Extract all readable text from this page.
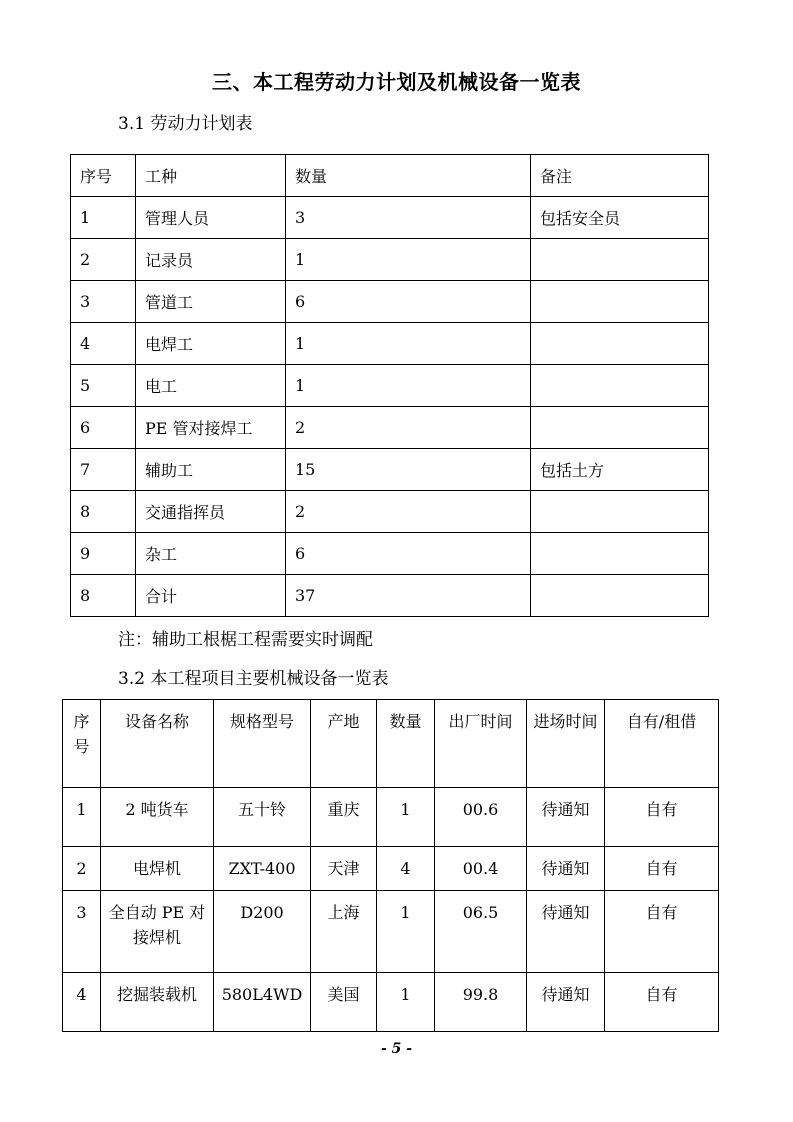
三、本工程劳动力计划及机械设备一览表
3.1 劳动力计划表
序号	工种	数量	备注
1	管理人员	3	包括安全员
2	记录员	1	
3	管道工	6	
4	电焊工	1	
5	电工	1	
6	PE 管对接焊工	2	
7	辅助工	15	包括土方
8	交通指挥员	2	
9	杂工	6	
8	合计	37	
注：辅助工根椐工程需要实时调配
3.2 本工程项目主要机械设备一览表
序号	设备名称	规格型号	产地	数量	出厂时间	进场时间	自有/租借
1	2 吨货车	五十铃	重庆	1	00.6	待通知	自有
2	电焊机	ZXT-400	天津	4	00.4	待通知	自有
3	全自动 PE 对接焊机	D200	上海	1	06.5	待通知	自有
4	挖掘装载机	580L4WD	美国	1	99.8	待通知	自有
- 5 -
